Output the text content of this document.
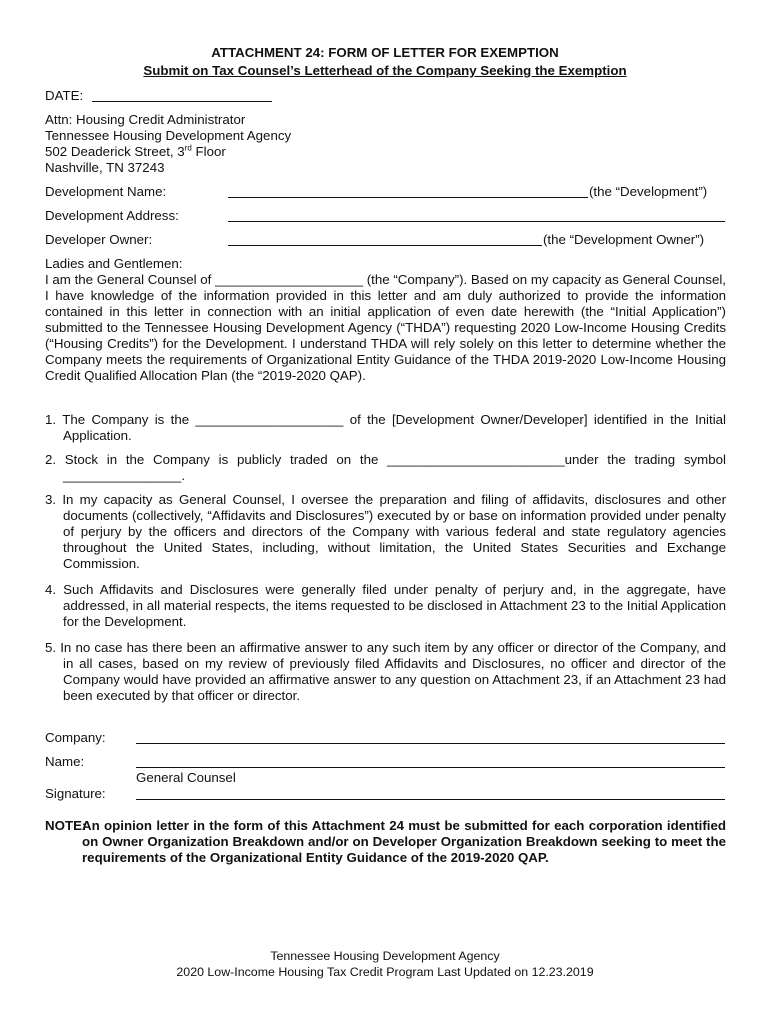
ATTACHMENT 24: FORM OF LETTER FOR EXEMPTION
Submit on Tax Counsel’s Letterhead of the Company Seeking the Exemption
DATE:
Attn: Housing Credit Administrator
Tennessee Housing Development Agency
502 Deaderick Street, 3rd Floor
Nashville, TN 37243
Development Name:	(the “Development”)
Development Address:
Developer Owner:	(the “Development Owner”)
Ladies and Gentlemen:
I am the General Counsel of ____________________ (the “Company”). Based on my capacity as General Counsel, I have knowledge of the information provided in this letter and am duly authorized to provide the information contained in this letter in connection with an initial application of even date herewith (the “Initial Application”) submitted to the Tennessee Housing Development Agency (“THDA”) requesting 2020 Low-Income Housing Credits (“Housing Credits”) for the Development. I understand THDA will rely solely on this letter to determine whether the Company meets the requirements of Organizational Entity Guidance of the THDA 2019-2020 Low-Income Housing Credit Qualified Allocation Plan (the “2019-2020 QAP).
1. The Company is the ____________________ of the [Development Owner/Developer] identified in the Initial Application.
2. Stock in the Company is publicly traded on the ________________________under the trading symbol ________________.
3. In my capacity as General Counsel, I oversee the preparation and filing of affidavits, disclosures and other documents (collectively, “Affidavits and Disclosures”) executed by or base on information provided under penalty of perjury by the officers and directors of the Company with various federal and state regulatory agencies throughout the United States, including, without limitation, the United States Securities and Exchange Commission.
4. Such Affidavits and Disclosures were generally filed under penalty of perjury and, in the aggregate, have addressed, in all material respects, the items requested to be disclosed in Attachment 23 to the Initial Application for the Development.
5. In no case has there been an affirmative answer to any such item by any officer or director of the Company, and in all cases, based on my review of previously filed Affidavits and Disclosures, no officer and director of the Company would have provided an affirmative answer to any question on Attachment 23, if an Attachment 23 had been executed by that officer or director.
Company:
Name:
General Counsel
Signature:
NOTE:An opinion letter in the form of this Attachment 24 must be submitted for each corporation identified on Owner Organization Breakdown and/or on Developer Organization Breakdown seeking to meet the requirements of the Organizational Entity Guidance of the 2019-2020 QAP.
Tennessee Housing Development Agency
2020 Low-Income Housing Tax Credit Program Last Updated on 12.23.2019
